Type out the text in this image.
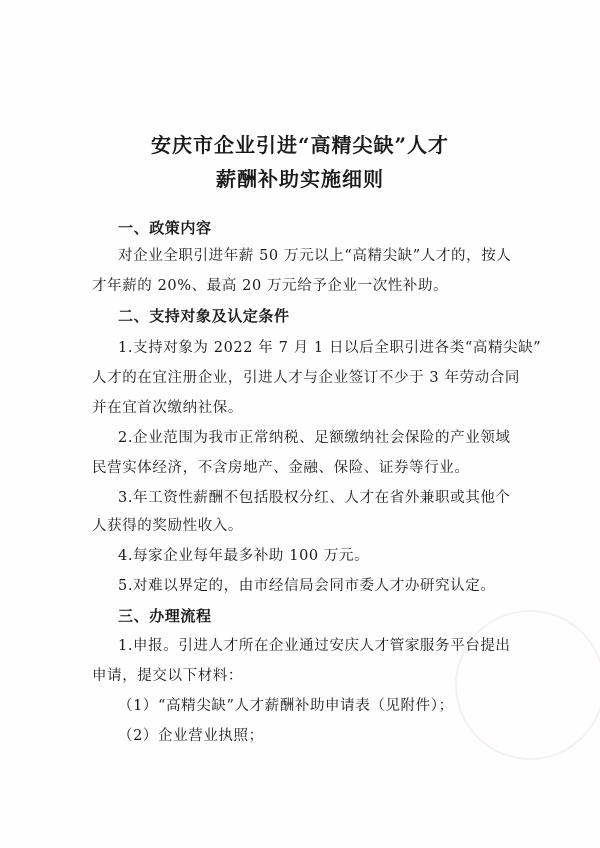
安庆市企业引进“高精尖缺”人才
薪酬补助实施细则
一、政策内容
对企业全职引进年薪 50 万元以上“高精尖缺”人才的，按人
才年薪的 20%、最高 20 万元给予企业一次性补助。
二、支持对象及认定条件
1.支持对象为 2022 年 7 月 1 日以后全职引进各类“高精尖缺”
人才的在宜注册企业，引进人才与企业签订不少于 3 年劳动合同
并在宜首次缴纳社保。
2.企业范围为我市正常纳税、足额缴纳社会保险的产业领域
民营实体经济，不含房地产、金融、保险、证券等行业。
3.年工资性薪酬不包括股权分红、人才在省外兼职或其他个
人获得的奖励性收入。
4.每家企业每年最多补助 100 万元。
5.对难以界定的，由市经信局会同市委人才办研究认定。
三、办理流程
1.申报。引进人才所在企业通过安庆人才管家服务平台提出
申请，提交以下材料：
（1）“高精尖缺”人才薪酬补助申请表（见附件）；
（2）企业营业执照；
